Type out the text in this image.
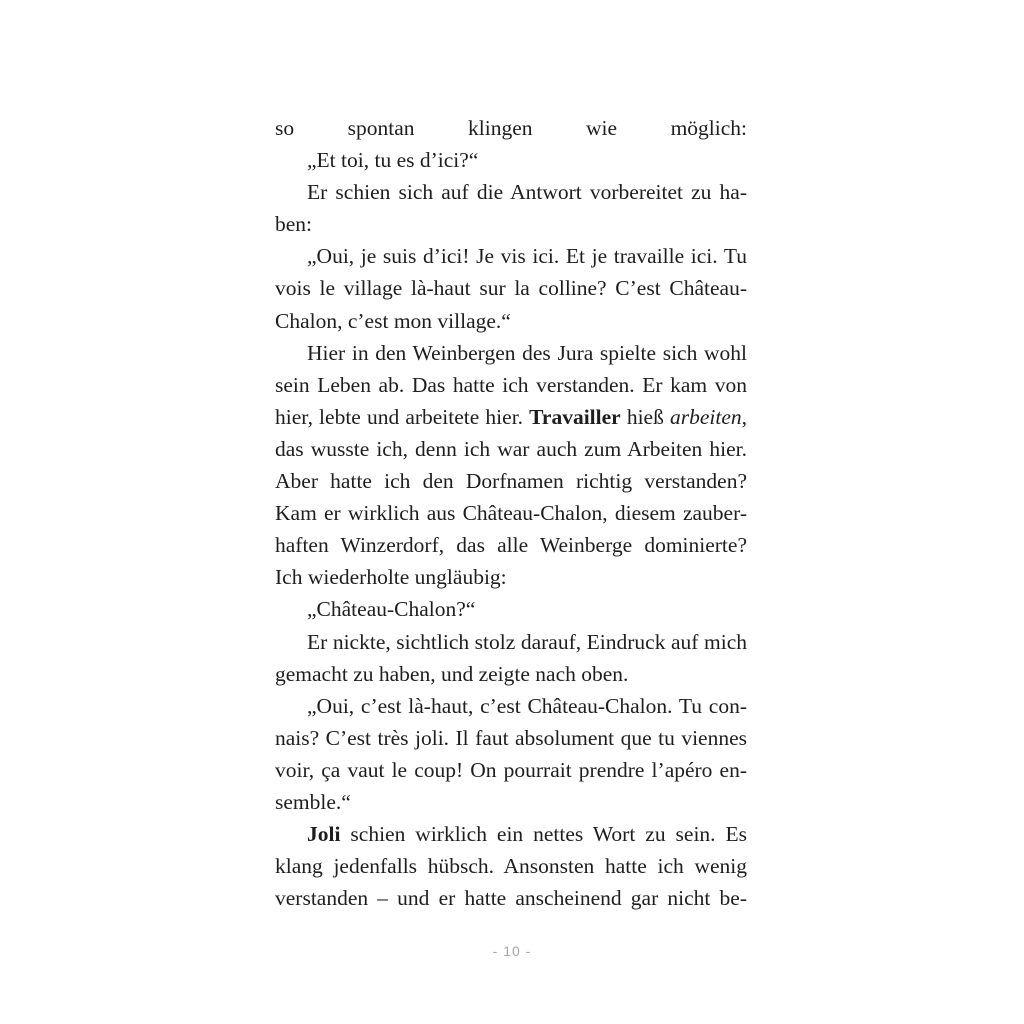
so spontan klingen wie möglich:
„Et toi, tu es d’ici?“
Er schien sich auf die Antwort vorbereitet zu ha-
ben:
„Oui, je suis d’ici! Je vis ici. Et je travaille ici. Tu
vois le village là-haut sur la colline? C’est Château-
Chalon, c’est mon village.“
Hier in den Weinbergen des Jura spielte sich wohl
sein Leben ab. Das hatte ich verstanden. Er kam von
hier, lebte und arbeitete hier. Travailler hieß arbeiten,
das wusste ich, denn ich war auch zum Arbeiten hier.
Aber hatte ich den Dorfnamen richtig verstanden?
Kam er wirklich aus Château-Chalon, diesem zauber-
haften Winzerdorf, das alle Weinberge dominierte?
Ich wiederholte ungläubig:
„Château-Chalon?“
Er nickte, sichtlich stolz darauf, Eindruck auf mich
gemacht zu haben, und zeigte nach oben.
„Oui, c’est là-haut, c’est Château-Chalon. Tu con-
nais? C’est très joli. Il faut absolument que tu viennes
voir, ça vaut le coup! On pourrait prendre l’apéro en-
semble.“
Joli schien wirklich ein nettes Wort zu sein. Es
klang jedenfalls hübsch. Ansonsten hatte ich wenig
verstanden – und er hatte anscheinend gar nicht be-
- 10 -
